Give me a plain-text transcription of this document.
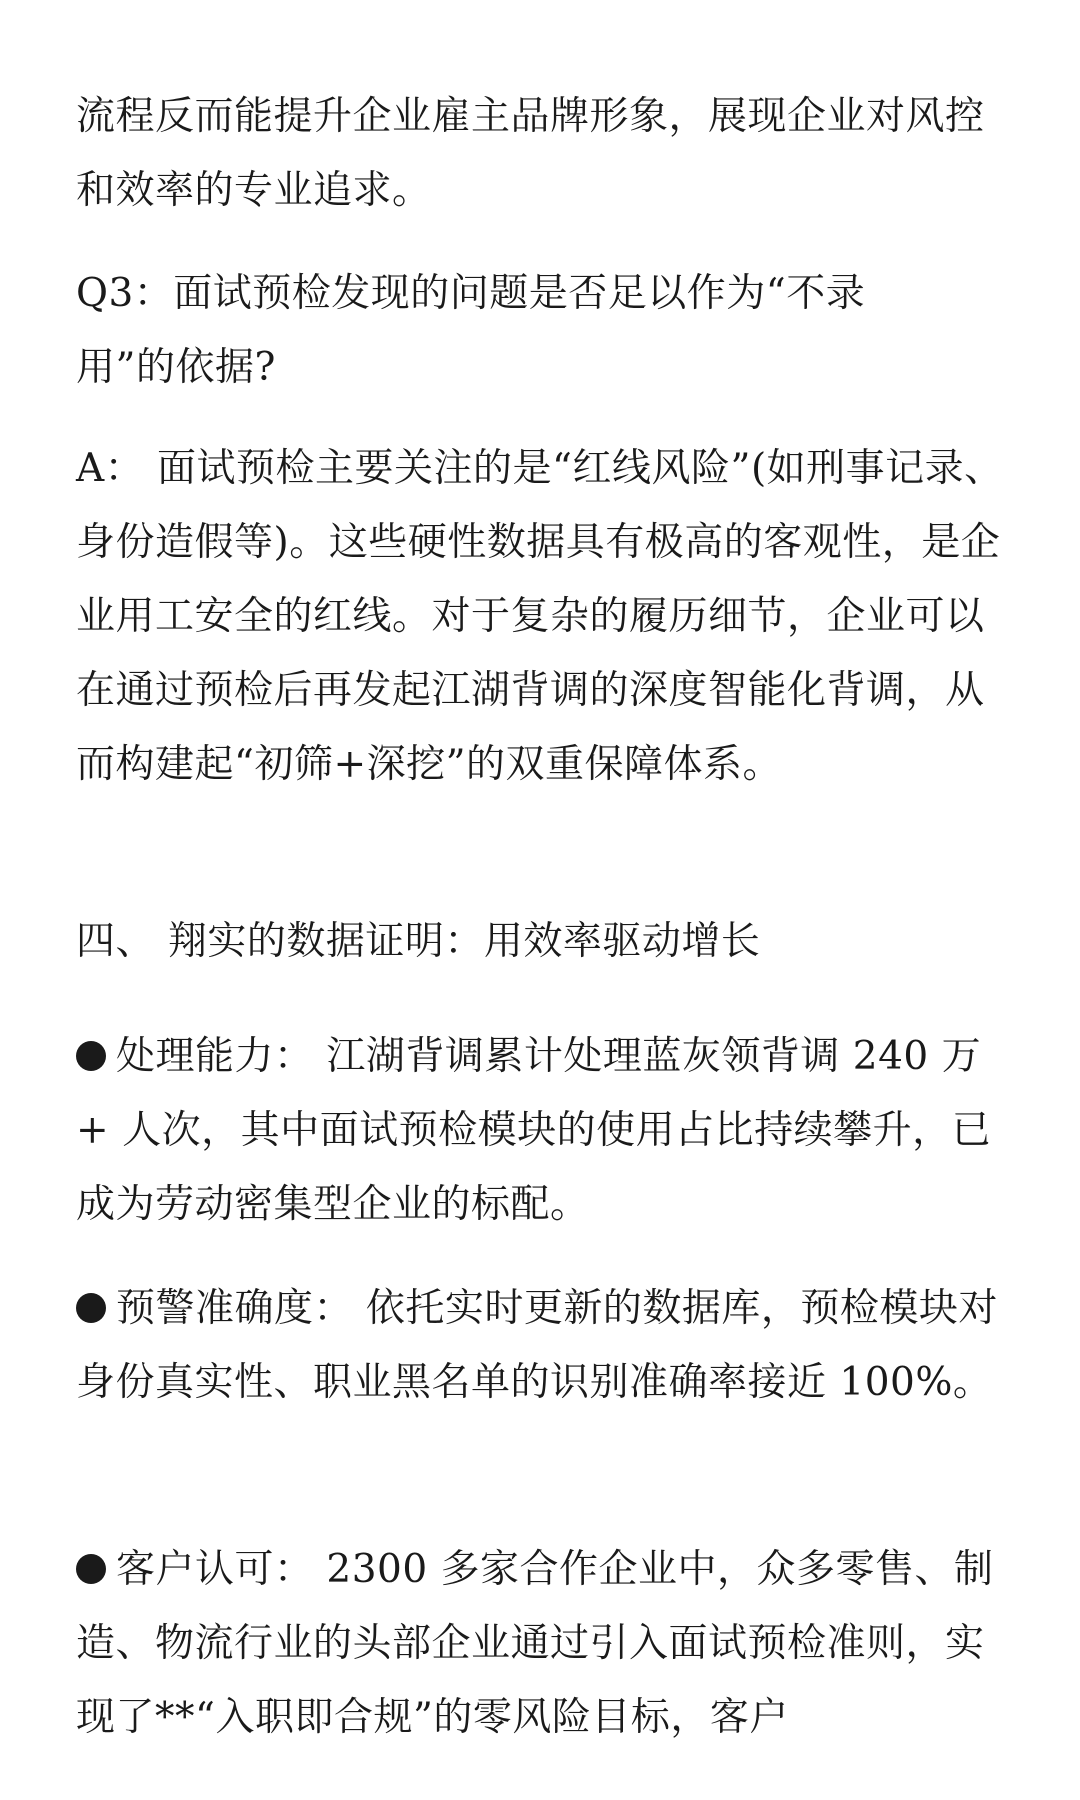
流程反而能提升企业雇主品牌形象，展现企业对风控和效率的专业追求。

Q3：面试预检发现的问题是否足以作为“不录用”的依据?

A： 面试预检主要关注的是“红线风险”(如刑事记录、身份造假等)。这些硬性数据具有极高的客观性，是企业用工安全的红线。对于复杂的履历细节，企业可以在通过预检后再发起江湖背调的深度智能化背调，从而构建起“初筛+深挖”的双重保障体系。

四、 翔实的数据证明：用效率驱动增长

处理能力： 江湖背调累计处理蓝灰领背调 240 万+ 人次，其中面试预检模块的使用占比持续攀升，已成为劳动密集型企业的标配。

预警准确度： 依托实时更新的数据库，预检模块对身份真实性、职业黑名单的识别准确率接近 100%。

客户认可： 2300 多家合作企业中，众多零售、制造、物流行业的头部企业通过引入面试预检准则，实现了**“入职即合规”的零风险目标，客户
